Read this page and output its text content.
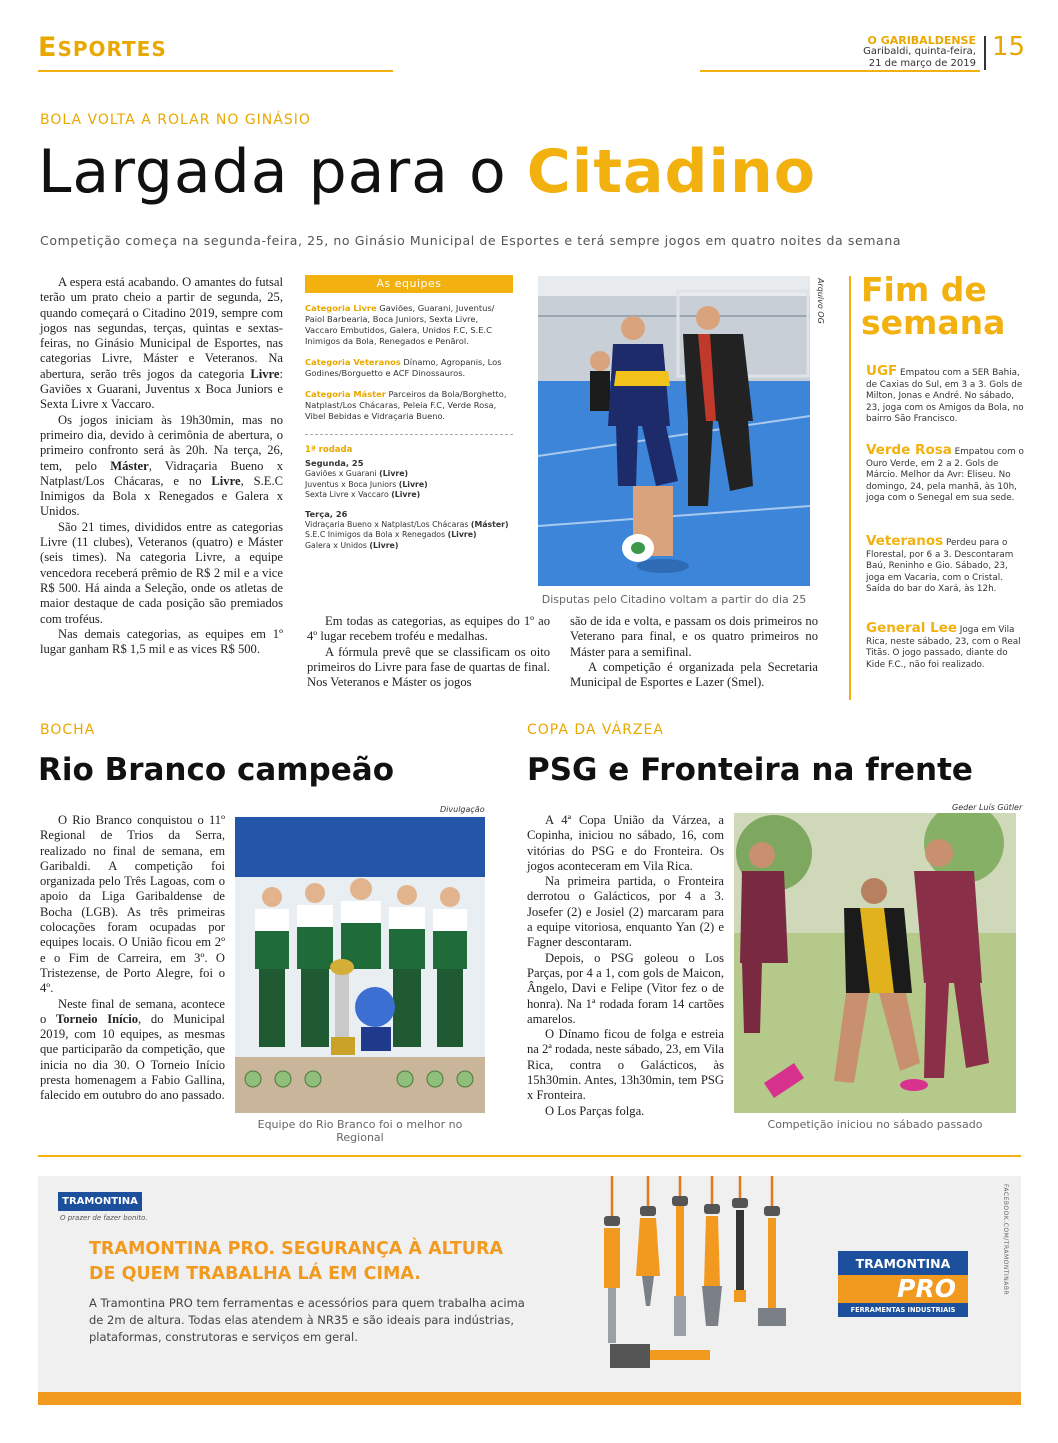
ESPORTES	O GARIBALDENSE
Garibaldi, quinta-feira,
21 de março de 2019
15
BOLA VOLTA A ROLAR NO GINÁSIO
Largada para o Citadino
Competição começa na segunda-feira, 25, no Ginásio Municipal de Esportes e terá sempre jogos em quatro noites da semana

A espera está acabando. O amantes do futsal terão um prato cheio a partir de segunda, 25, quando começará o Citadino 2019, sempre com jogos nas segundas, terças, quintas e sextas-feiras, no Ginásio Municipal de Esportes, nas categorias Livre, Máster e Veteranos. Na abertura, serão três jogos da categoria Livre: Gaviões x Guarani, Juventus x Boca Juniors e Sexta Livre x Vaccaro.

Os jogos iniciam às 19h30min, mas no primeiro dia, devido à cerimônia de abertura, o primeiro confronto será às 20h. Na terça, 26, tem, pelo Máster, Vidraçaria Bueno x Natplast/Los Chácaras, e no Livre, S.E.C Inimigos da Bola x Renegados e Galera x Unidos.

São 21 times, divididos entre as categorias Livre (11 clubes), Veteranos (quatro) e Máster (seis times). Na categoria Livre, a equipe vencedora receberá prêmio de R$ 2 mil e a vice R$ 500. Há ainda a Seleção, onde os atletas de maior destaque de cada posição são premiados com troféus.

Nas demais categorias, as equipes em 1º lugar ganham R$ 1,5 mil e as vices R$ 500.

As equipes
Categoria Livre Gaviões, Guarani, Juventus/ Paiol Barbearia, Boca Juniors, Sexta Livre, Vaccaro Embutidos, Galera, Unidos F.C, S.E.C Inimigos da Bola, Renegados e Penãrol.
Categoria Veteranos Dínamo, Agropanis, Los Godines/Borguetto e ACF Dinossauros.
Categoria Máster Parceiros da Bola/Borghetto, Natplast/Los Chácaras, Peleia F.C, Verde Rosa, Vibel Bebidas e Vidraçaria Bueno.
1ª rodada
Segunda, 25
Gaviões x Guarani (Livre)
Juventus x Boca Juniors (Livre)
Sexta Livre x Vaccaro (Livre)
Terça, 26
Vidraçaria Bueno x Natplast/Los Chácaras (Máster)
S.E.C Inimigos da Bola x Renegados (Livre)
Galera x Unidos (Livre)
Arquivo OG
Disputas pelo Citadino voltam a partir do dia 25

Em todas as categorias, as equipes do 1º ao 4º lugar recebem troféu e medalhas.

A fórmula prevê que se classificam os oito primeiros do Livre para fase de quartas de final. Nos Veteranos e Máster os jogos

são de ida e volta, e passam os dois primeiros no Veterano para final, e os quatro primeiros no Máster para a semifinal.

A competição é organizada pela Secretaria Municipal de Esportes e Lazer (Smel).

Fim de
semana
UGF Empatou com a SER Bahia, de Caxias do Sul, em 3 a 3. Gols de Milton, Jonas e André. No sábado, 23, joga com os Amigos da Bola, no bairro São Francisco.
Verde Rosa Empatou com o Ouro Verde, em 2 a 2. Gols de Márcio. Melhor da Avr: Eliseu. No domingo, 24, pela manhã, às 10h, joga com o Senegal em sua sede.
Veteranos Perdeu para o Florestal, por 6 a 3. Descontaram Baú, Reninho e Gio. Sábado, 23, joga em Vacaria, com o Cristal. Saída do bar do Xará, às 12h.
General Lee Joga em Vila Rica, neste sábado, 23, com o Real Titãs. O jogo passado, diante do Kide F.C., não foi realizado.
BOCHA
Rio Branco campeão

O Rio Branco conquistou o 11º Regional de Trios da Serra, realizado no final de semana, em Garibaldi. A competição foi organizada pelo Três Lagoas, com o apoio da Liga Garibaldense de Bocha (LGB). As três primeiras colocações foram ocupadas por equipes locais. O União ficou em 2º e o Fim de Carreira, em 3º. O Tristezense, de Porto Alegre, foi o 4º.

Neste final de semana, acontece o Torneio Início, do Municipal 2019, com 10 equipes, as mesmas que participarão da competição, que inicia no dia 30. O Torneio Início presta homenagem a Fabio Gallina, falecido em outubro do ano passado.

Divulgação
Equipe do Rio Branco foi o melhor no Regional
COPA DA VÁRZEA
PSG e Fronteira na frente

A 4ª Copa União da Várzea, a Copinha, iniciou no sábado, 16, com vitórias do PSG e do Fronteira. Os jogos aconteceram em Vila Rica.

Na primeira partida, o Fronteira derrotou o Galácticos, por 4 a 3. Josefer (2) e Josiel (2) marcaram para a equipe vitoriosa, enquanto Yan (2) e Fagner descontaram.

Depois, o PSG goleou o Los Parças, por 4 a 1, com gols de Maicon, Ângelo, Davi e Felipe (Vitor fez o de honra). Na 1ª rodada foram 14 cartões amarelos.

O Dínamo ficou de folga e estreia na 2ª rodada, neste sábado, 23, em Vila Rica, contra o Galácticos, às 15h30min. Antes, 13h30min, tem PSG x Fronteira.

O Los Parças folga.

Geder Luís Gütler
Competição iniciou no sábado passado
TRAMONTINA
O prazer de fazer bonito.
TRAMONTINA PRO. SEGURANÇA À ALTURA
DE QUEM TRABALHA LÁ EM CIMA.
A Tramontina PRO tem ferramentas e acessórios para quem trabalha acima de 2m de altura. Todas elas atendem à NR35 e são ideais para indústrias, plataformas, construtoras e serviços em geral.
TRAMONTINA
PRO
FERRAMENTAS INDUSTRIAIS
FACEBOOK.COM/TRAMONTINABR
